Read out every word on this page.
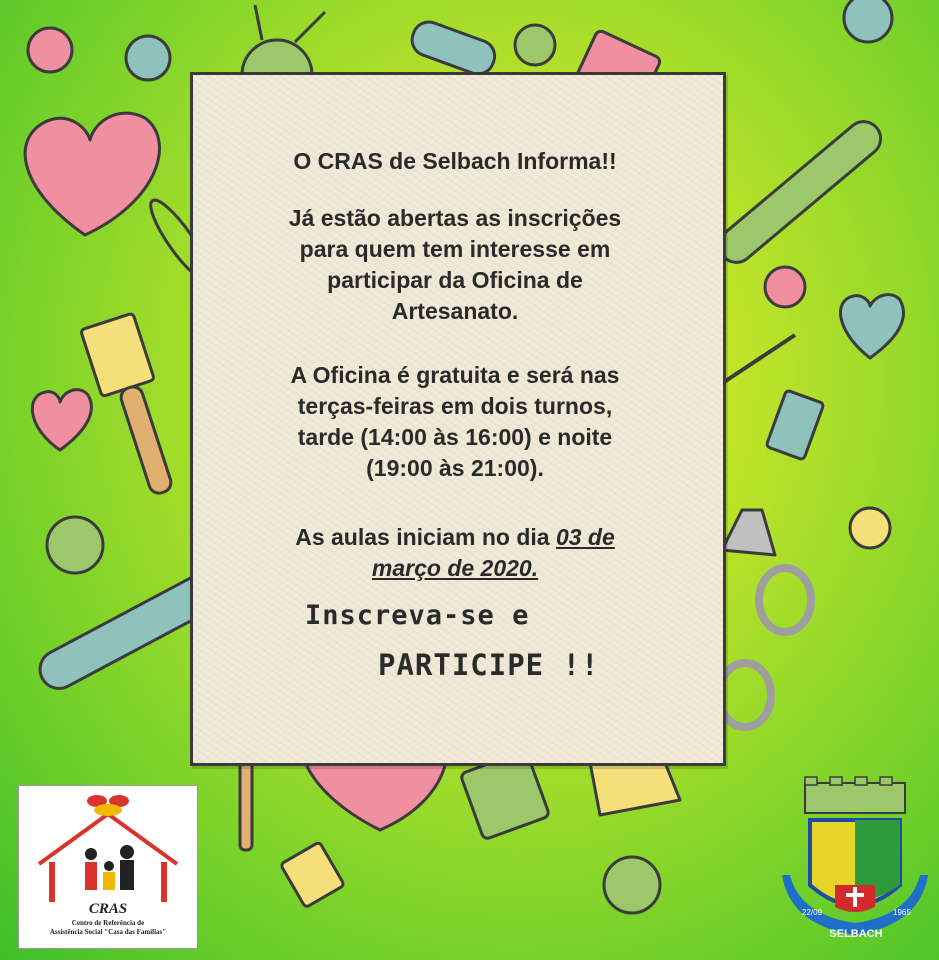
O CRAS de Selbach Informa!!
Já estão abertas as inscrições
para quem tem interesse em
participar da Oficina de
Artesanato.
A Oficina é gratuita e será nas
terças-feiras em dois turnos,
tarde (14:00 às 16:00) e noite
(19:00 às 21:00).
As aulas iniciam no dia 03 de
março de 2020.
Inscreva-se e
PARTICIPE !!
CRAS
Centro de Referência de
Assistência Social "Casa das Famílias"
22/09	1965
SELBACH
